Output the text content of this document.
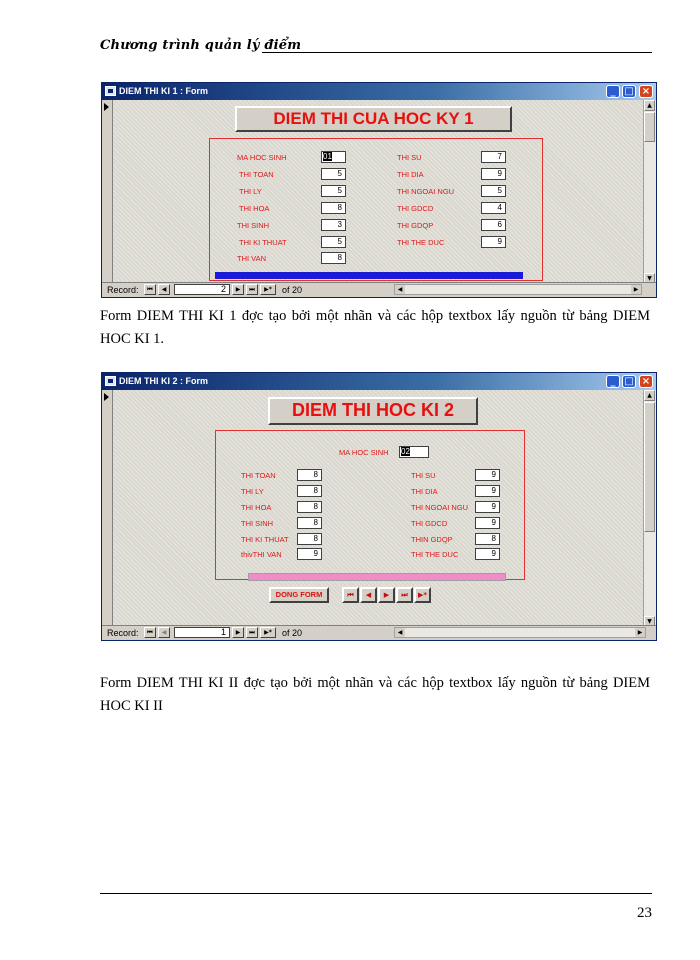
Chương trình quản lý điểm
DIEM THI KI 1 : Form	_ □ ×
DIEM THI CUA HOC KY 1
MA HOC SINH	01
THI TOAN	5
THI LY	5
THI HOA	8
THI SINH	3
THI KI THUAT	5
THI VAN	8
THI SU	7
THI DIA	9
THI NGOAI NGU	5
THI GDCD	4
THI GDQP	6
THI THE DUC	9
▲
▼
Record:	⏮	◀	2	▶	⏭	▶*	of 20	◀	▶
Form DIEM THI KI 1 đợc tạo bởi một nhãn và các hộp textbox lấy nguồn từ bảng DIEM HOC KI 1.
DIEM THI KI 2 : Form	_ □ ×
DIEM THI HOC KI 2
MA HOC SINH 02
THI TOAN	8
THI LY	8
THI HOA	8
THI SINH	8
THI KI THUAT	8
thivTHI VAN	9
THI SU	9
THI DIA	9
THI NGOAI NGU	9
THI GDCD	9
THIN GDQP	8
THI THE DUC	9
DONG FORM	⏮	◀	▶	⏭	▶*
▲
▼
Record:	⏮	◀	1	▶	⏭	▶*	of 20	◀	▶
Form DIEM THI KI II đợc tạo bởi một nhãn và các hộp textbox lấy nguồn từ bảng DIEM HOC KI II
23
